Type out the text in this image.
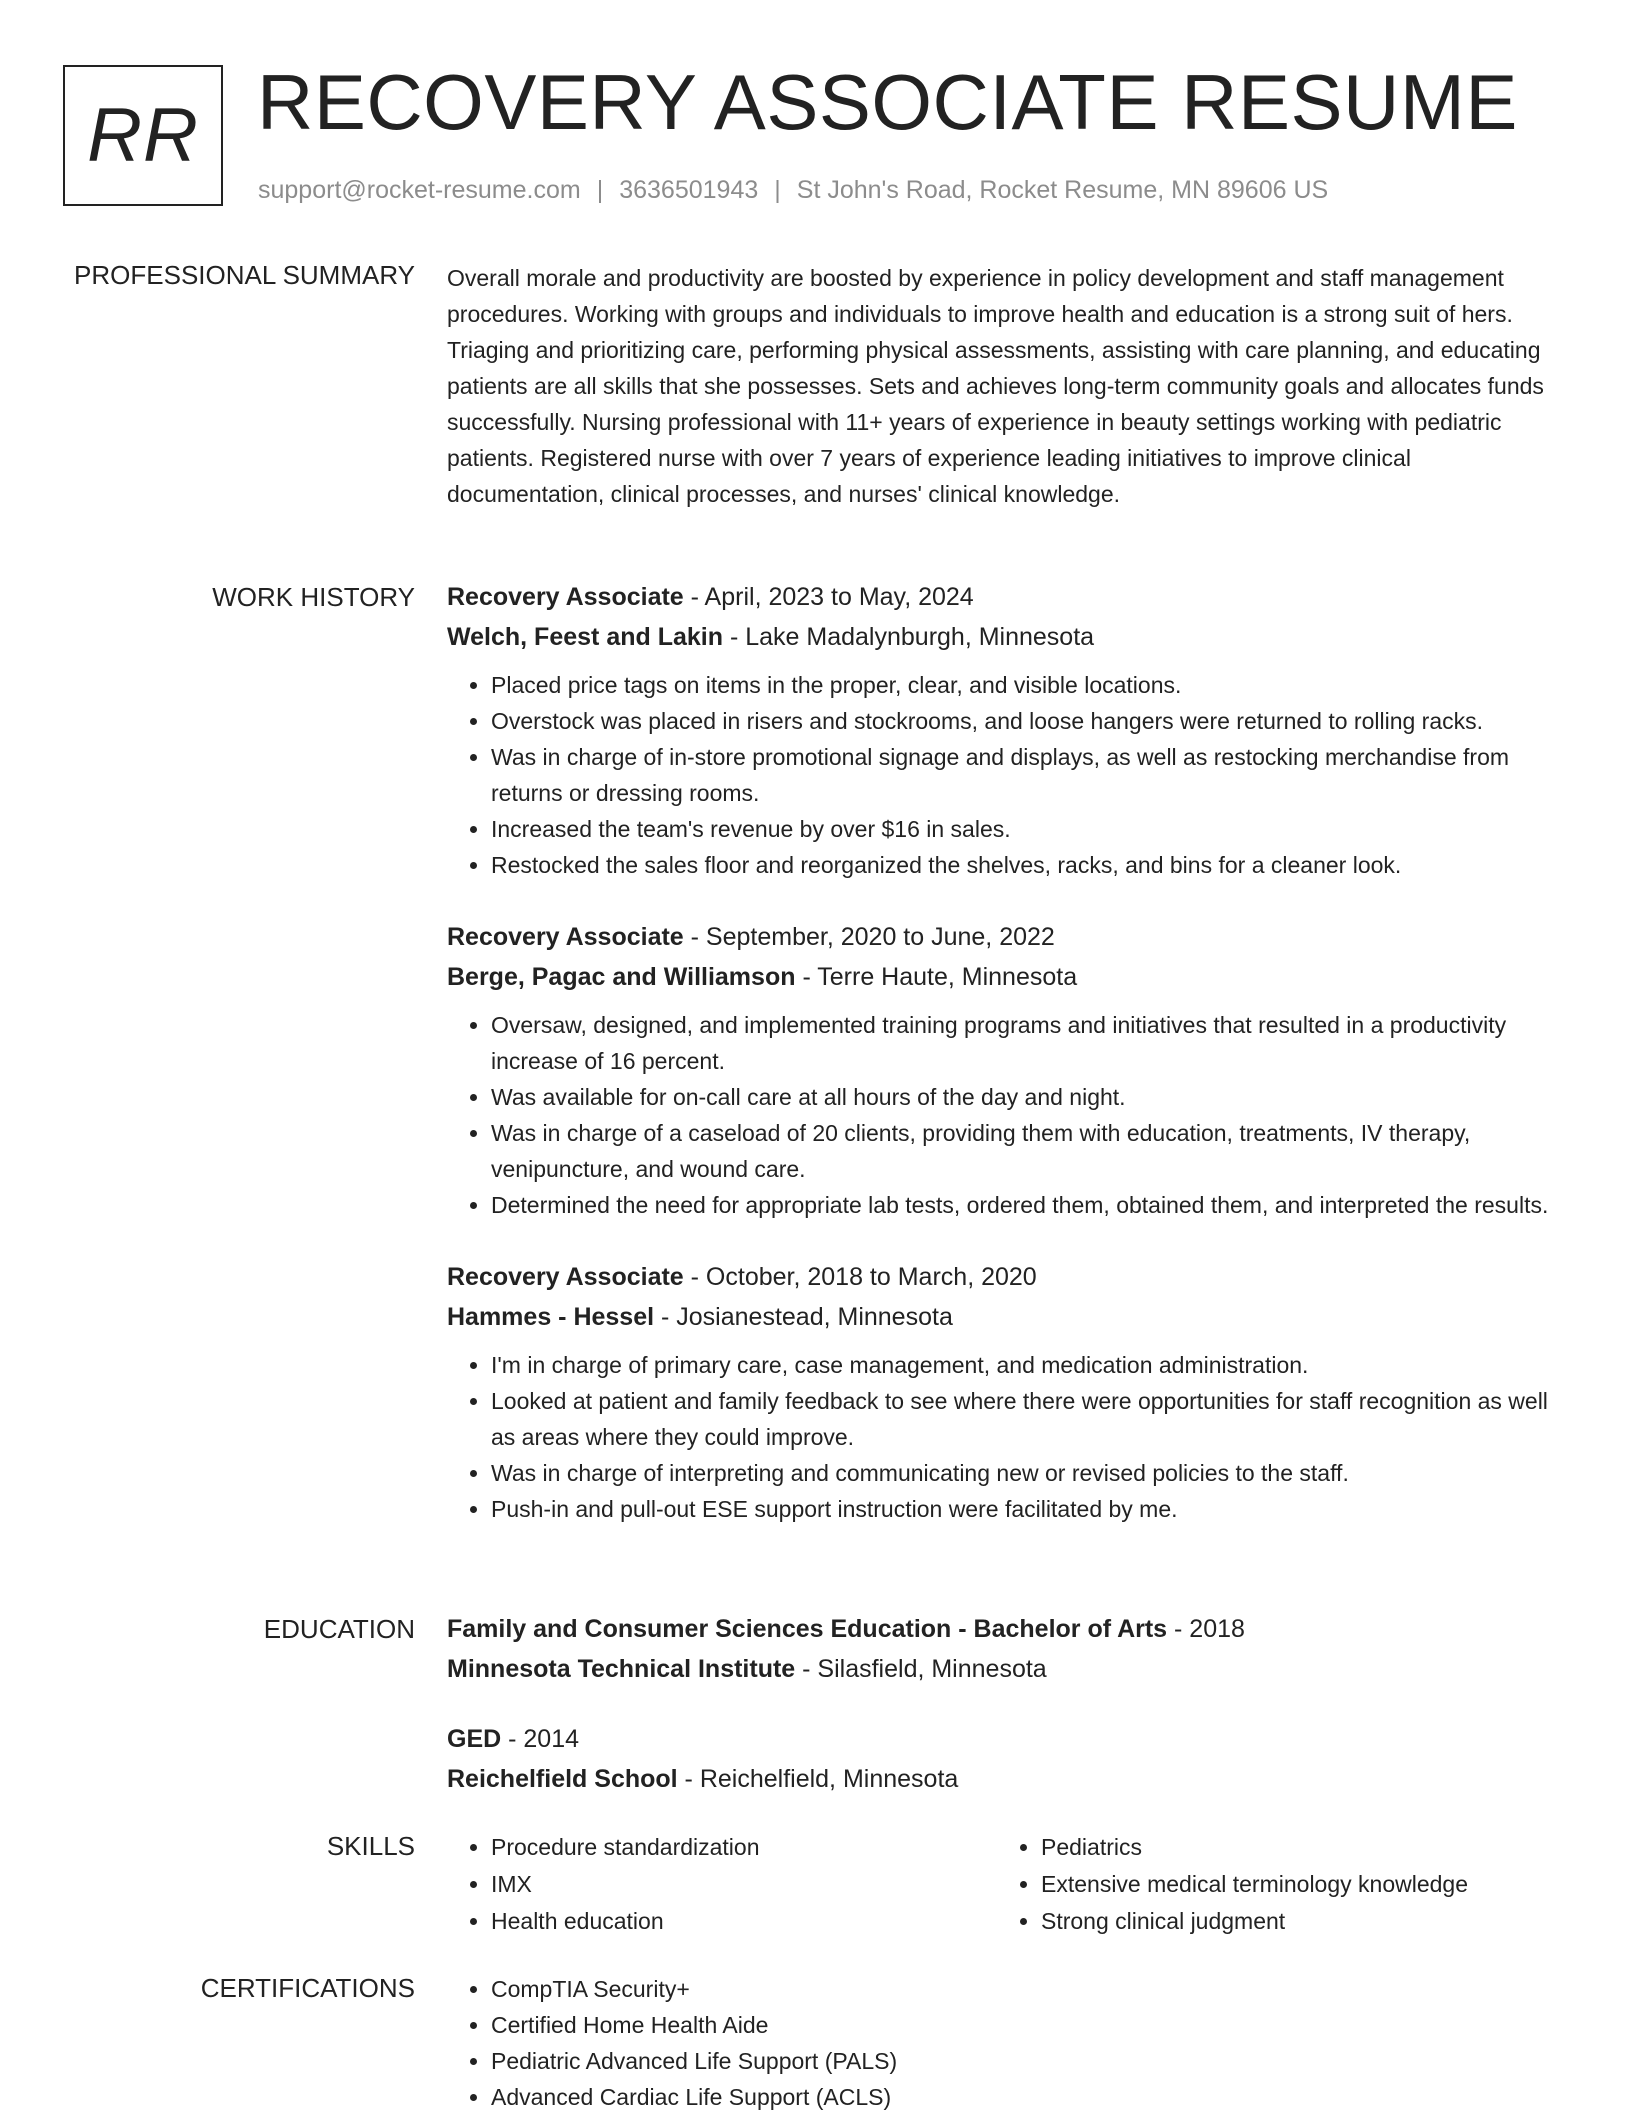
RR RECOVERY ASSOCIATE RESUME
support@rocket-resume.com | 3636501943 | St John's Road, Rocket Resume, MN 89606 US
PROFESSIONAL SUMMARY Overall morale and productivity are boosted by experience in policy development and staff management procedures. Working with groups and individuals to improve health and education is a strong suit of hers. Triaging and prioritizing care, performing physical assessments, assisting with care planning, and educating patients are all skills that she possesses. Sets and achieves long-term community goals and allocates funds successfully. Nursing professional with 11+ years of experience in beauty settings working with pediatric patients. Registered nurse with over 7 years of experience leading initiatives to improve clinical documentation, clinical processes, and nurses' clinical knowledge.

WORK HISTORY Recovery Associate - April, 2023 to May, 2024
Welch, Feest and Lakin - Lake Madalynburgh, Minnesota
• Placed price tags on items in the proper, clear, and visible locations.
• Overstock was placed in risers and stockrooms, and loose hangers were returned to rolling racks.
• Was in charge of in-store promotional signage and displays, as well as restocking merchandise from returns or dressing rooms.
• Increased the team's revenue by over $16 in sales.
• Restocked the sales floor and reorganized the shelves, racks, and bins for a cleaner look.
Recovery Associate - September, 2020 to June, 2022
Berge, Pagac and Williamson - Terre Haute, Minnesota
• Oversaw, designed, and implemented training programs and initiatives that resulted in a productivity increase of 16 percent.
• Was available for on-call care at all hours of the day and night.
• Was in charge of a caseload of 20 clients, providing them with education, treatments, IV therapy, venipuncture, and wound care.
• Determined the need for appropriate lab tests, ordered them, obtained them, and interpreted the results.
Recovery Associate - October, 2018 to March, 2020
Hammes - Hessel - Josianestead, Minnesota
• I'm in charge of primary care, case management, and medication administration.
• Looked at patient and family feedback to see where there were opportunities for staff recognition as well as areas where they could improve.
• Was in charge of interpreting and communicating new or revised policies to the staff.
• Push-in and pull-out ESE support instruction were facilitated by me.
EDUCATION Family and Consumer Sciences Education - Bachelor of Arts - 2018
Minnesota Technical Institute - Silasfield, Minnesota
GED - 2014
Reichelfield School - Reichelfield, Minnesota
SKILLS	• Procedure standardization
• IMX
• Health education
• Pediatrics
• Extensive medical terminology knowledge
• Strong clinical judgment
CERTIFICATIONS	• CompTIA Security+
• Certified Home Health Aide
• Pediatric Advanced Life Support (PALS)
• Advanced Cardiac Life Support (ACLS)
